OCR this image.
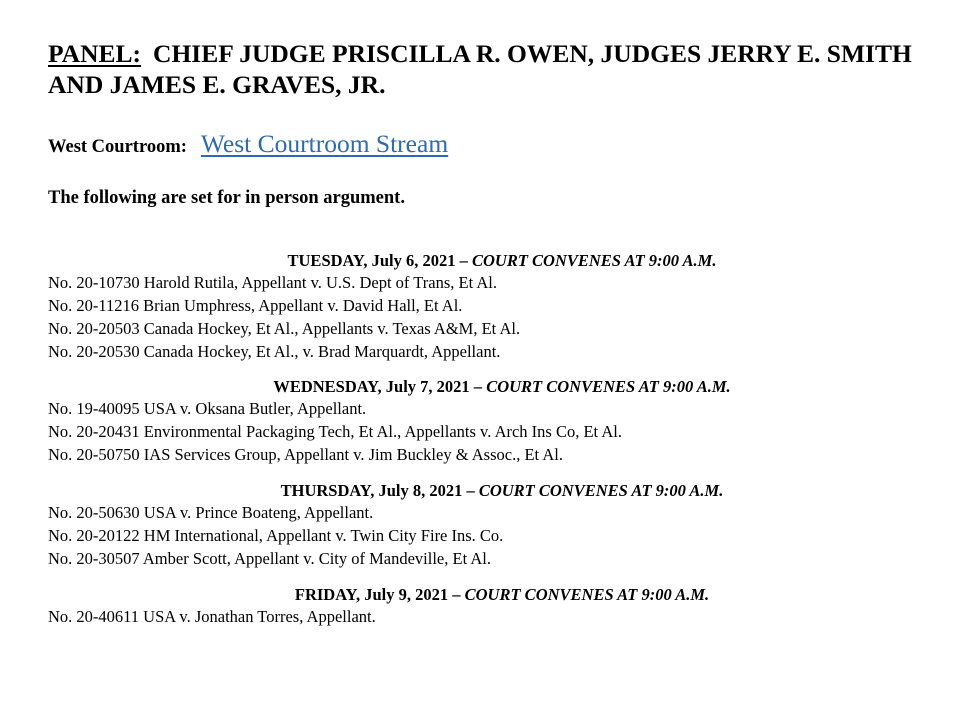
PANEL: CHIEF JUDGE PRISCILLA R. OWEN, JUDGES JERRY E. SMITH AND JAMES E. GRAVES, JR.
West Courtroom: West Courtroom Stream
The following are set for in person argument.
TUESDAY, July 6, 2021 – COURT CONVENES AT 9:00 A.M.
No. 20-10730 Harold Rutila, Appellant v. U.S. Dept of Trans, Et Al.
No. 20-11216 Brian Umphress, Appellant v. David Hall, Et Al.
No. 20-20503 Canada Hockey, Et Al., Appellants v. Texas A&M, Et Al.
No. 20-20530 Canada Hockey, Et Al., v. Brad Marquardt, Appellant.
WEDNESDAY, July 7, 2021 – COURT CONVENES AT 9:00 A.M.
No. 19-40095 USA v. Oksana Butler, Appellant.
No. 20-20431 Environmental Packaging Tech, Et Al., Appellants v. Arch Ins Co, Et Al.
No. 20-50750 IAS Services Group, Appellant v. Jim Buckley & Assoc., Et Al.
THURSDAY, July 8, 2021 – COURT CONVENES AT 9:00 A.M.
No. 20-50630 USA v. Prince Boateng, Appellant.
No. 20-20122 HM International, Appellant v. Twin City Fire Ins. Co.
No. 20-30507 Amber Scott, Appellant v. City of Mandeville, Et Al.
FRIDAY, July 9, 2021 – COURT CONVENES AT 9:00 A.M.
No. 20-40611 USA v. Jonathan Torres, Appellant.
